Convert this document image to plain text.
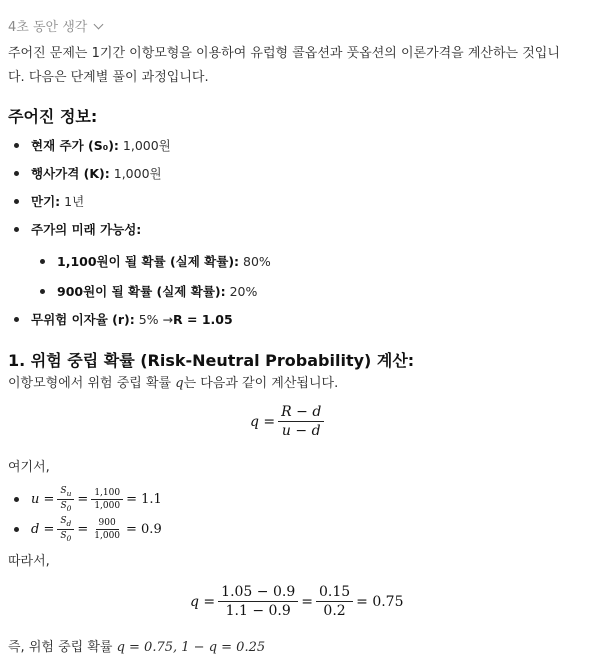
4초 동안 생각
주어진 문제는 1기간 이항모형을 이용하여 유럽형 콜옵션과 풋옵션의 이론가격을 계산하는 것입니
다. 다음은 단계별 풀이 과정입니다.
주어진 정보:
현재 주가 (S₀):
1,000원
행사가격 (K):
1,000원
만기:
1년
주가의 미래 가능성:
1,100원이 될 확률 (실제 확률):
80%
900원이 될 확률 (실제 확률):
20%
무위험 이자율 (r):
5% → R = 1.05
1. 위험 중립 확률 (Risk-Neutral Probability) 계산:
이항모형에서 위험 중립 확률 q는 다음과 같이 계산됩니다.
$q = \frac{R - d}{u - d}$
여기서,
$u = \frac{S_u}{S_0} = \frac{1,100}{1,000} = 1.1$
$d = \frac{S_d}{S_0} = \frac{900}{1,000} = 0.9$
따라서,
$q = \frac{1.05 - 0.9}{1.1 - 0.9} = \frac{0.15}{0.2} = 0.75$
즉, 위험 중립 확률 q = 0.75, 1 − q = 0.25
